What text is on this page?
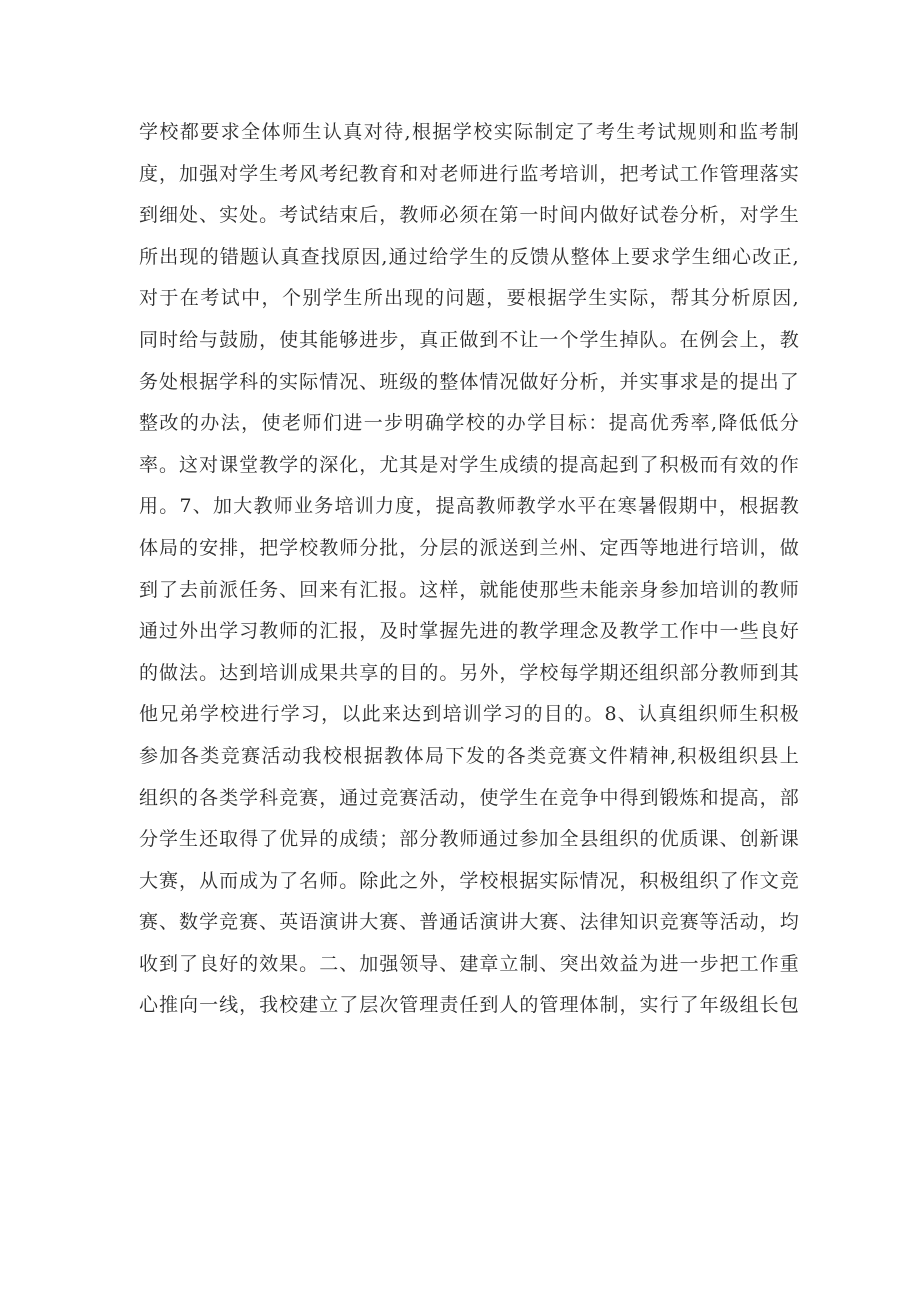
学校都要求全体师生认真对待,根据学校实际制定了考生考试规则和监考制
度，加强对学生考风考纪教育和对老师进行监考培训，把考试工作管理落实
到细处、实处。考试结束后，教师必须在第一时间内做好试卷分析，对学生
所出现的错题认真查找原因,通过给学生的反馈从整体上要求学生细心改正,
对于在考试中，个别学生所出现的问题，要根据学生实际，帮其分析原因,
同时给与鼓励，使其能够进步，真正做到不让一个学生掉队。在例会上，教
务处根据学科的实际情况、班级的整体情况做好分析，并实事求是的提出了
整改的办法，使老师们进一步明确学校的办学目标：提高优秀率,降低低分
率。这对课堂教学的深化，尤其是对学生成绩的提高起到了积极而有效的作
用。7、加大教师业务培训力度，提高教师教学水平在寒暑假期中，根据教
体局的安排，把学校教师分批，分层的派送到兰州、定西等地进行培训，做
到了去前派任务、回来有汇报。这样，就能使那些未能亲身参加培训的教师
通过外出学习教师的汇报，及时掌握先进的教学理念及教学工作中一些良好
的做法。达到培训成果共享的目的。另外，学校每学期还组织部分教师到其
他兄弟学校进行学习，以此来达到培训学习的目的。8、认真组织师生积极
参加各类竞赛活动我校根据教体局下发的各类竞赛文件精神,积极组织县上
组织的各类学科竞赛，通过竞赛活动，使学生在竞争中得到锻炼和提高，部
分学生还取得了优异的成绩；部分教师通过参加全县组织的优质课、创新课
大赛，从而成为了名师。除此之外，学校根据实际情况，积极组织了作文竞
赛、数学竞赛、英语演讲大赛、普通话演讲大赛、法律知识竞赛等活动，均
收到了良好的效果。二、加强领导、建章立制、突出效益为进一步把工作重
心推向一线，我校建立了层次管理责任到人的管理体制，实行了年级组长包
